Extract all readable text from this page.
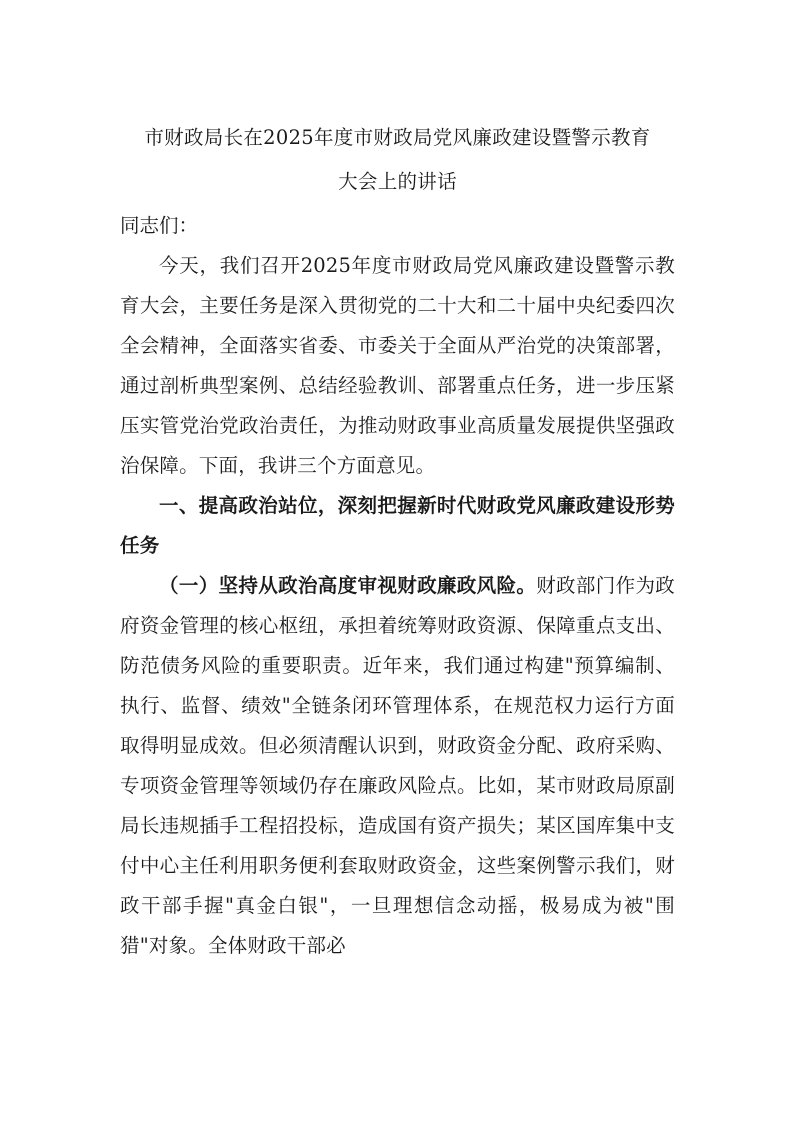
市财政局长在2025年度市财政局党风廉政建设暨警示教育

大会上的讲话

同志们：

今天，我们召开2025年度市财政局党风廉政建设暨警示教育大会，主要任务是深入贯彻党的二十大和二十届中央纪委四次全会精神，全面落实省委、市委关于全面从严治党的决策部署，通过剖析典型案例、总结经验教训、部署重点任务，进一步压紧压实管党治党政治责任，为推动财政事业高质量发展提供坚强政治保障。下面，我讲三个方面意见。

一、提高政治站位，深刻把握新时代财政党风廉政建设形势任务

（一）坚持从政治高度审视财政廉政风险。财政部门作为政府资金管理的核心枢纽，承担着统筹财政资源、保障重点支出、防范债务风险的重要职责。近年来，我们通过构建"预算编制、执行、监督、绩效"全链条闭环管理体系，在规范权力运行方面取得明显成效。但必须清醒认识到，财政资金分配、政府采购、专项资金管理等领域仍存在廉政风险点。比如，某市财政局原副局长违规插手工程招投标，造成国有资产损失；某区国库集中支付中心主任利用职务便利套取财政资金，这些案例警示我们，财政干部手握"真金白银"，一旦理想信念动摇，极易成为被"围猎"对象。全体财政干部必
